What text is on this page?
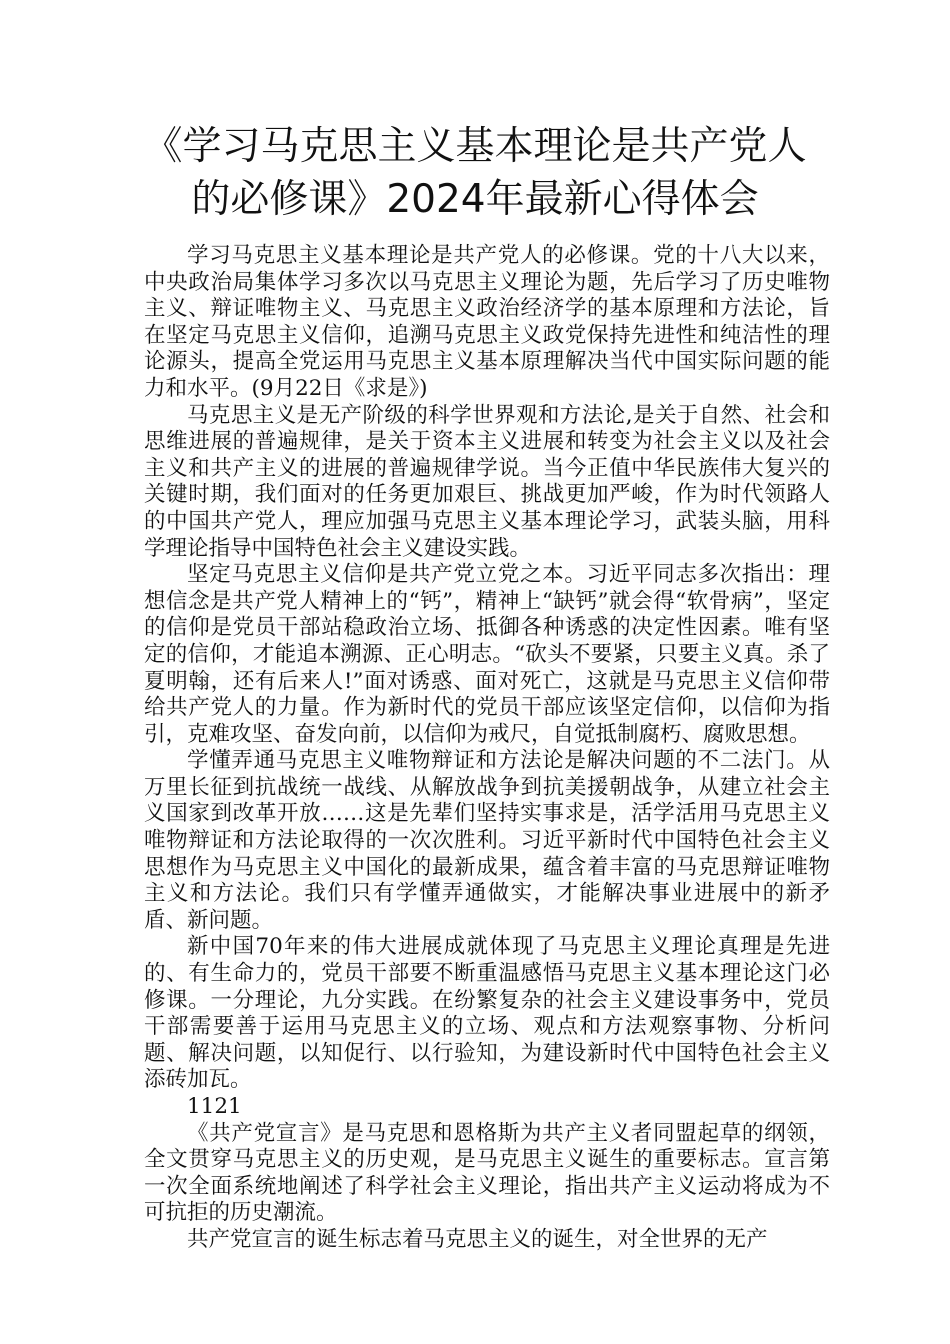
《学习马克思主义基本理论是共产党人
的必修课》2024年最新心得体会

学习马克思主义基本理论是共产党人的必修课。党的十八大以来，中央政治局集体学习多次以马克思主义理论为题，先后学习了历史唯物主义、辩证唯物主义、马克思主义政治经济学的基本原理和方法论，旨在坚定马克思主义信仰，追溯马克思主义政党保持先进性和纯洁性的理论源头，提高全党运用马克思主义基本原理解决当代中国实际问题的能力和水平。(9月22日《求是》)

马克思主义是无产阶级的科学世界观和方法论,是关于自然、社会和思维进展的普遍规律，是关于资本主义进展和转变为社会主义以及社会主义和共产主义的进展的普遍规律学说。当今正值中华民族伟大复兴的关键时期，我们面对的任务更加艰巨、挑战更加严峻，作为时代领路人的中国共产党人，理应加强马克思主义基本理论学习，武装头脑，用科学理论指导中国特色社会主义建设实践。

坚定马克思主义信仰是共产党立党之本。习近平同志多次指出：理想信念是共产党人精神上的“钙”，精神上“缺钙”就会得“软骨病”，坚定的信仰是党员干部站稳政治立场、抵御各种诱惑的决定性因素。唯有坚定的信仰，才能追本溯源、正心明志。“砍头不要紧，只要主义真。杀了夏明翰，还有后来人!”面对诱惑、面对死亡，这就是马克思主义信仰带给共产党人的力量。作为新时代的党员干部应该坚定信仰，以信仰为指引，克难攻坚、奋发向前，以信仰为戒尺，自觉抵制腐朽、腐败思想。

学懂弄通马克思主义唯物辩证和方法论是解决问题的不二法门。从万里长征到抗战统一战线、从解放战争到抗美援朝战争，从建立社会主义国家到改革开放……这是先辈们坚持实事求是，活学活用马克思主义唯物辩证和方法论取得的一次次胜利。习近平新时代中国特色社会主义思想作为马克思主义中国化的最新成果，蕴含着丰富的马克思辩证唯物主义和方法论。我们只有学懂弄通做实，才能解决事业进展中的新矛盾、新问题。

新中国70年来的伟大进展成就体现了马克思主义理论真理是先进的、有生命力的，党员干部要不断重温感悟马克思主义基本理论这门必修课。一分理论，九分实践。在纷繁复杂的社会主义建设事务中，党员干部需要善于运用马克思主义的立场、观点和方法观察事物、分析问题、解决问题，以知促行、以行验知，为建设新时代中国特色社会主义添砖加瓦。

1121

《共产党宣言》是马克思和恩格斯为共产主义者同盟起草的纲领，全文贯穿马克思主义的历史观，是马克思主义诞生的重要标志。宣言第一次全面系统地阐述了科学社会主义理论，指出共产主义运动将成为不可抗拒的历史潮流。

共产党宣言的诞生标志着马克思主义的诞生，对全世界的无产
